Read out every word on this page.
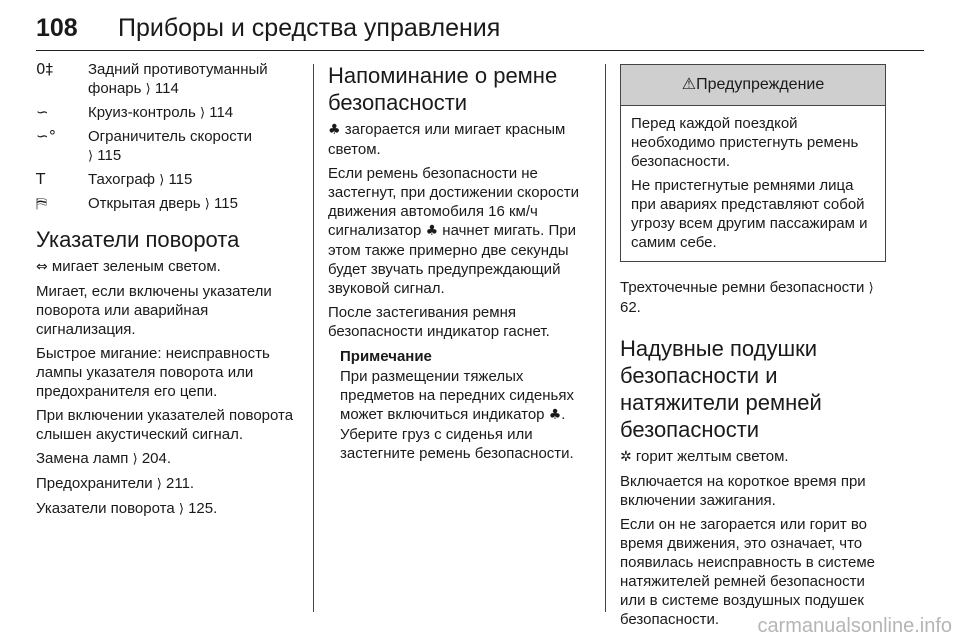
108 Приборы и средства управления
0‡	Задний противотуманный фонарь ⟩ 114
∽	Круиз-контроль ⟩ 114
∽°	Ограничитель скорости
⟩ 115
T	Тахограф ⟩ 115
⛿	Открытая дверь ⟩ 115
Указатели поворота

⇔ мигает зеленым светом.

Мигает, если включены указатели поворота или аварийная сигнализация.

Быстрое мигание: неисправность лампы указателя поворота или предохранителя его цепи.

При включении указателей поворота слышен акустический сигнал.

Замена ламп ⟩ 204.

Предохранители ⟩ 211.

Указатели поворота ⟩ 125.

Напоминание о ремне безопасности

♣ загорается или мигает красным светом.

Если ремень безопасности не застегнут, при достижении скорости движения автомобиля 16 км/ч сигнализатор ♣ начнет мигать. При этом также примерно две секунды будет звучать предупреждающий звуковой сигнал.

После застегивания ремня безопасности индикатор гаснет.

Примечание

При размещении тяжелых предметов на передних сиденьях может включиться индикатор ♣. Уберите груз с сиденья или застегните ремень безопасности.

⚠Предупреждение

Перед каждой поездкой необходимо пристегнуть ремень безопасности.

Не пристегнутые ремнями лица при авариях представляют собой угрозу всем другим пассажирам и самим себе.

Трехточечные ремни безопасности ⟩ 62.

Надувные подушки безопасности и натяжители ремней безопасности

✲ горит желтым светом.

Включается на короткое время при включении зажигания.

Если он не загорается или горит во время движения, это означает, что появилась неисправность в системе натяжителей ремней безопасности или в системе воздушных подушек безопасности.	carmanualsonline.info
